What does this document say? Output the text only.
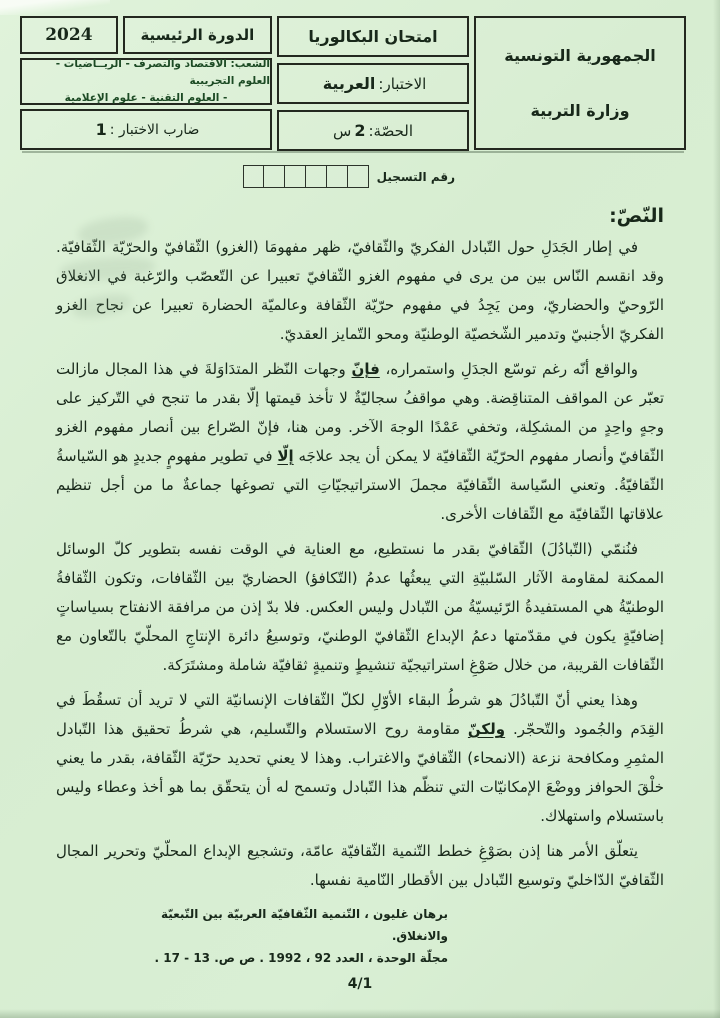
الجمهورية التونسية
وزارة التربية
امتحان البكالوريا
الاختبار:
العربية
الحصّة:
2
س
الدورة الرئيسية
2024
الشعب: الاقتصاد والتصرف - الريــاضيات - العلوم التجريبية
- العلوم التقنية - علوم الإعلامية
ضارب الاختبار :
1
رقم التسجيل
النّصّ:

في إطار الجَدَلِ حول التّبادل الفكريّ والثّقافيّ، ظهر مفهومَا (الغزو) الثّقافيّ والحرّيّة الثّقافيّة. وقد انقسم النّاس بين من يرى في مفهوم الغزو الثّقافيّ تعبيرا عن التّعصّب والرّغبة في الانغلاق الرّوحيّ والحضاريّ، ومن يَجِدُ في مفهوم حرّيّة الثّقافة وعالميّة الحضارة تعبيرا عن نجاح الغزو الفكريّ الأجنبيّ وتدمير الشّخصيّة الوطنيّة ومحو التّمايز العقديّ.

والواقع أنّه رغم توسّع الجدَلِ واستمراره، فإنّ وجهات النّظر المتدَاوَلةَ في هذا المجال مازالت تعبّر عن المواقف المتناقِضة. وهي مواقفُ سجاليّةٌ لا تأخذ قيمتها إلّا بقدر ما تنجح في التّركيز على وجهٍ واحِدٍ من المشكِلة، وتخفي عَمْدًا الوجهَ الآخر. ومن هنا، فإنّ الصّراع بين أنصار مفهوم الغزو الثّقافيّ وأنصار مفهوم الحرّيّة الثّقافيّة لا يمكن أن يجد علاجَه إلّا في تطوير مفهومٍ جديدٍ هو السّياسةُ الثّقافيّةُ. وتعني السّياسة الثّقافيّة مجملَ الاستراتيجيّاتِ التي تصوغها جماعةٌ ما من أجل تنظيم علاقاتها الثّقافيّة مع الثّقافات الأخرى.

فنُنمّي (التّبادُلَ) الثّقافيّ بقدر ما نستطيع، مع العناية في الوقت نفسه بتطوير كلّ الوسائل الممكنة لمقاومة الآثار السّلبيّةِ التي يبعثُها عدمُ (التّكافؤ) الحضاريّ بين الثّقافات، وتكون الثّقافةُ الوطنيّةُ هي المستفيدةُ الرّئيسيّةُ من التّبادل وليس العكس. فلا بدّ إذن من مرافقة الانفتاح بسياساتٍ إضافيّةٍ يكون في مقدّمتها دعمُ الإبداع الثّقافيّ الوطنيّ، وتوسيعُ دائرة الإنتاجِ المحلّيّ بالتّعاون مع الثّقافات القريبة، من خلال صَوْغِ استراتيجيّة تنشيطٍ وتنميةٍ ثقافيّة شاملة ومشتَرَكة.

وهذا يعني أنّ التّبادُلَ هو شرطُ البقاء الأوّلِ لكلّ الثّقافات الإنسانيّة التي لا تريد أن تسقُطَ في القِدَم والجُمود والتّحجّر. ولكنّ مقاومة روح الاستسلام والتّسليم، هي شرطُ تحقيق هذا التّبادل المثمِرِ ومكافحة نزعة (الانمحاء) الثّقافيّ والاغتراب. وهذا لا يعني تحديد حرّيّة الثّقافة، بقدر ما يعني خلْقَ الحوافز ووضْعَ الإمكانيّات التي تنظّم هذا التّبادل وتسمح له أن يتحقّق بما هو أخذ وعطاء وليس باستسلام واستهلاك.

يتعلّق الأمر هنا إذن بصَوْغِ خطط التّنمية الثّقافيّة عامّة، وتشجيع الإبداع المحلّيّ وتحرير المجال الثّقافيّ الدّاخليّ وتوسيع التّبادل بين الأقطار النّامية نفسها.

برهان غليون ، التّنمية الثّقافيّة العربيّة بين التّبعيّة والانغلاق.
مجلّة الوحدة ، العدد 92 ، 1992 . ص ص. 13 - 17 .
4/1
